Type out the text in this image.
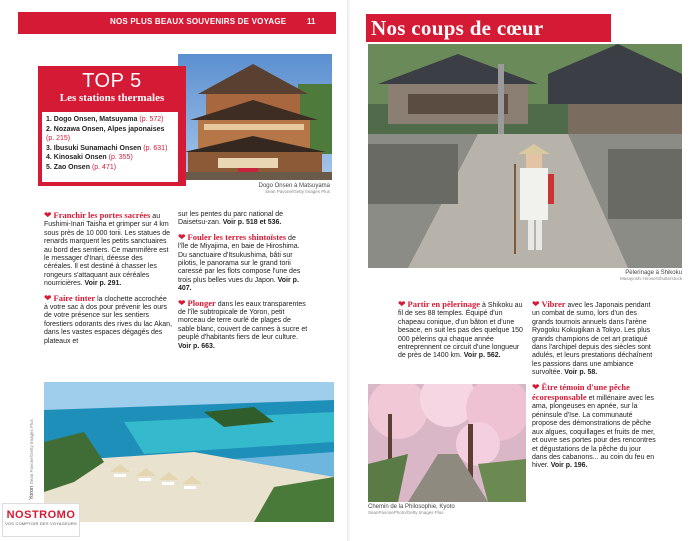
NOS PLUS BEAUX SOUVENIRS DE VOYAGE	11
Dogo Onsen à Matsuyama
Sean Pavone/Getty Images Plus
TOP 5
Les stations thermales
1. Dogo Onsen, Matsuyama (p. 572)
2. Nozawa Onsen, Alpes japonaises (p. 215)
3. Ibusuki Sunamachi Onsen (p. 631)
4. Kinosaki Onsen (p. 355)
5. Zao Onsen (p. 471)

❤ Franchir les portes sacrées au Fushimi-Inari Taisha et grimper sur 4 km sous près de 10 000 torii. Les statues de renards marquent les petits sanctuaires au bord des sentiers. Ce mammifère est le messager d'Inari, déesse des céréales. Il est destiné à chasser les rongeurs s'attaquant aux céréales nourricières. Voir p. 291.

❤ Faire tinter la clochette accrochée à votre sac à dos pour prévenir les ours de votre présence sur les sentiers forestiers odorants des rives du lac Akan, dans les vastes espaces dégagés des plateaux et

sur les pentes du parc national de Daisetsu-zan. Voir p. 518 et 536.

❤ Fouler les terres shintoïstes de l'île de Miyajima, en baie de Hiroshima. Du sanctuaire d'Itsukushima, bâti sur pilotis, le panorama sur le grand torii caressé par les flots compose l'une des trois plus belles vues du Japon. Voir p. 407.

❤ Plonger dans les eaux transparentes de l'île subtropicale de Yoron, petit morceau de terre ourlé de plages de sable blanc, couvert de cannes à sucre et peuplé d'habitants fiers de leur culture. Voir p. 663.

Yoron Sean Pavone/Getty Images Plus
NOSTROMO
VOS COMPTOIR DES VOYAGEURS
Nos coups de cœur
Pèlerinage à Shikoku
Masayoshi Hirose/Shutterstock

❤ Partir en pèlerinage à Shikoku au fil de ses 88 temples. Équipé d'un chapeau conique, d'un bâton et d'une besace, en suit les pas des quelque 150 000 pèlerins qui chaque année entreprennent ce circuit d'une longueur de près de 1400 km. Voir p. 562.

Chemin de la Philosophie, Kyoto
SeanPavonePhoto/Getty Images Plus

❤ Vibrer avec les Japonais pendant un combat de sumo, lors d'un des grands tournois annuels dans l'arène Ryogoku Kokugikan à Tokyo. Les plus grands champions de cet art pratiqué dans l'archipel depuis des siècles sont adulés, et leurs prestations déchaînent les passions dans une ambiance survoltée. Voir p. 58.

❤ Être témoin d'une pêche écoresponsable et millénaire avec les ama, plongeuses en apnée, sur la péninsule d'Ise. La communauté propose des démonstrations de pêche aux algues, coquillages et fruits de mer, et ouvre ses portes pour des rencontres et dégustations de la pêche du jour dans des cabanons... au coin du feu en hiver. Voir p. 196.
